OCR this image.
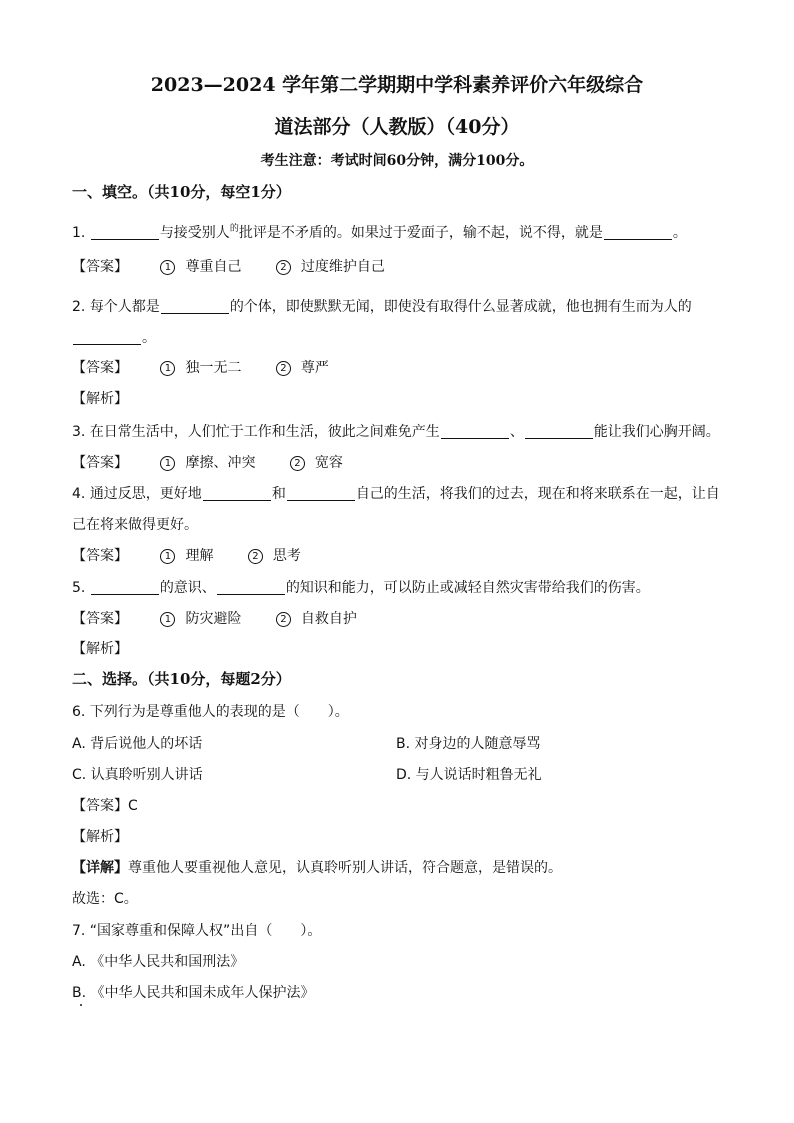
2023—2024 学年第二学期期中学科素养评价六年级综合
道法部分（人教版）（40分）
考生注意：考试时间60分钟，满分100分。
一、填空。（共10分，每空1分）
1.	与接受别人$^的$批评是不矛盾的。如果过于爱面子，输不起，说不得，就是	。
【答案】	1 尊重自己	2 过度维护自己
2. 每个人都是	的个体，即使默默无闻，即使没有取得什么显著成就，他也拥有生而为人的
。
【答案】	1 独一无二	2 尊严
【解析】
3. 在日常生活中，人们忙于工作和生活，彼此之间难免产生	、	能让我们心胸开阔。
【答案】	1 摩擦、冲突	2 宽容
4. 通过反思，更好地	和	自己的生活，将我们的过去，现在和将来联系在一起，让自
己在将来做得更好。
【答案】	1 理解	2 思考
5.	的意识、	的知识和能力，可以防止或减轻自然灾害带给我们的伤害。
【答案】	1 防灾避险	2 自救自护
【解析】
二、选择。（共10分，每题2分）
6. 下列行为是尊重他人的表现的是（　　）。
A. 背后说他人的坏话	B. 对身边的人随意辱骂
C. 认真聆听别人讲话	D. 与人说话时粗鲁无礼
【答案】C
【解析】
【详解】尊重他人要重视他人意见，认真聆听别人讲话，符合题意，是错误的。
故选：C。
7. “国家尊重和保障人权”出自（　　）。
A. 《中华人民共和国刑法》
B. 《中华人民共和国未成年人保护法》
